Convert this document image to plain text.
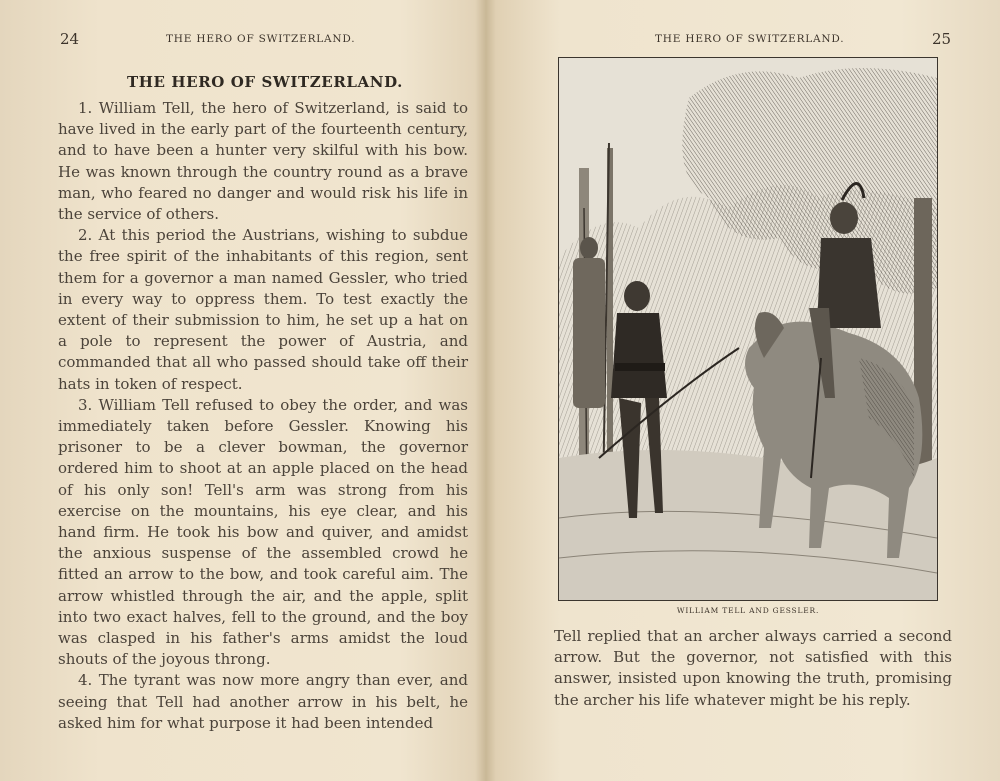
24	THE HERO OF SWITZERLAND.
THE HERO OF SWITZERLAND.

1. William Tell, the hero of Switzerland, is said to have lived in the early part of the fourteenth century, and to have been a hunter very skilful with his bow. He was known through the country round as a brave man, who feared no danger and would risk his life in the service of others.

2. At this period the Austrians, wishing to subdue the free spirit of the inhabitants of this region, sent them for a governor a man named Gessler, who tried in every way to oppress them. To test exactly the extent of their submission to him, he set up a hat on a pole to represent the power of Austria, and commanded that all who passed should take off their hats in token of respect.

3. William Tell refused to obey the order, and was immediately taken before Gessler. Knowing his prisoner to be a clever bowman, the governor ordered him to shoot at an apple placed on the head of his only son! Tell's arm was strong from his exercise on the mountains, his eye clear, and his hand firm. He took his bow and quiver, and amidst the anxious suspense of the assembled crowd he fitted an arrow to the bow, and took careful aim. The arrow whistled through the air, and the apple, split into two exact halves, fell to the ground, and the boy was clasped in his father's arms amidst the loud shouts of the joyous throng.

4. The tyrant was now more angry than ever, and seeing that Tell had another arrow in his belt, he asked him for what purpose it had been intended

THE HERO OF SWITZERLAND.	25
WILLIAM TELL AND GESSLER.

Tell replied that an archer always carried a second arrow. But the governor, not satisfied with this answer, insisted upon knowing the truth, promising the archer his life whatever might be his reply.
